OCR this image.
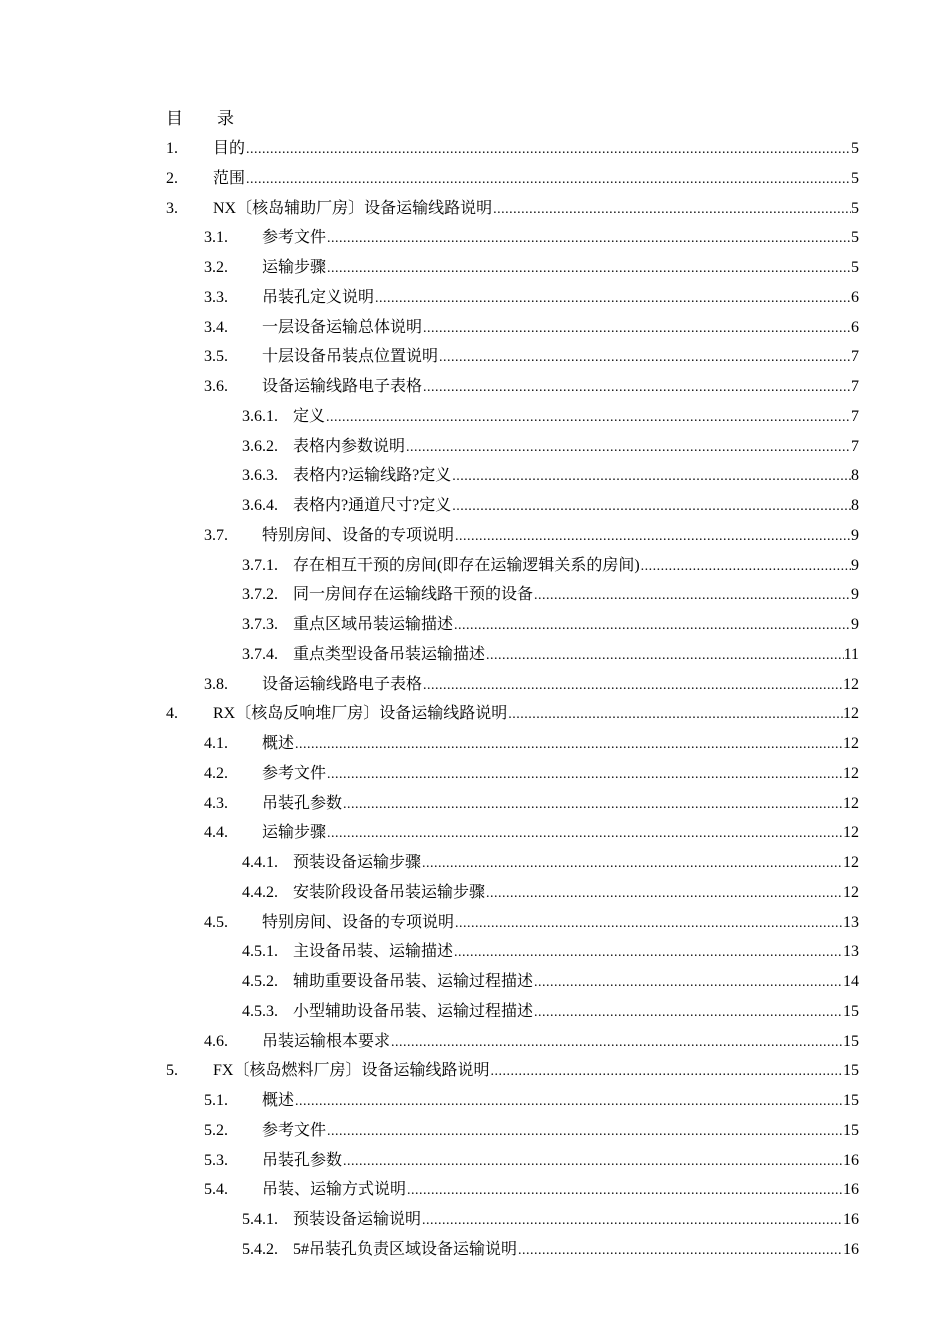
目　　录
1. 目的 .....	5
2. 范围 .....	5
3. NX〔核岛辅助厂房〕设备运输线路说明 .....	5
3.1. 参考文件 .....	5
3.2. 运输步骤 .....	5
3.3. 吊装孔定义说明 .....	6
3.4. 一层设备运输总体说明 .....	6
3.5. 十层设备吊装点位置说明 .....	7
3.6. 设备运输线路电子表格 .....	7
3.6.1. 定义 .....	7
3.6.2. 表格内参数说明 .....	7
3.6.3. 表格内?运输线路?定义 .....	8
3.6.4. 表格内?通道尺寸?定义 .....	8
3.7. 特别房间、设备的专项说明 .....	9
3.7.1. 存在相互干预的房间(即存在运输逻辑关系的房间) .....	9
3.7.2. 同一房间存在运输线路干预的设备 .....	9
3.7.3. 重点区域吊装运输描述 .....	9
3.7.4. 重点类型设备吊装运输描述 .....	11
3.8. 设备运输线路电子表格 .....	12
4. RX〔核岛反响堆厂房〕设备运输线路说明 .....	12
4.1. 概述 .....	12
4.2. 参考文件 .....	12
4.3. 吊装孔参数 .....	12
4.4. 运输步骤 .....	12
4.4.1. 预装设备运输步骤 .....	12
4.4.2. 安装阶段设备吊装运输步骤 .....	12
4.5. 特别房间、设备的专项说明 .....	13
4.5.1. 主设备吊装、运输描述 .....	13
4.5.2. 辅助重要设备吊装、运输过程描述 .....	14
4.5.3. 小型辅助设备吊装、运输过程描述 .....	15
4.6. 吊装运输根本要求 .....	15
5. FX〔核岛燃料厂房〕设备运输线路说明 .....	15
5.1. 概述 .....	15
5.2. 参考文件 .....	15
5.3. 吊装孔参数 .....	16
5.4. 吊装、运输方式说明 .....	16
5.4.1. 预装设备运输说明 .....	16
5.4.2. 5#吊装孔负责区域设备运输说明 .....	16
